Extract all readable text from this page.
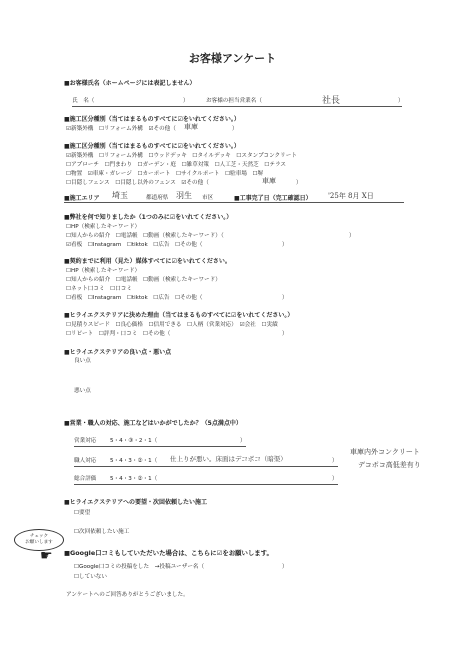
お客様アンケート
■お客様氏名（ホームページには表記しません）
氏　名（	）	お客様の担当営業名（	社長	）
■施工区分種別（当てはまるものすべてに☑をいれてください。）
☑新築外構　☐リフォーム外構　☑その他（ 車庫	）
■施工区分種別（当てはまるものすべてに☑をいれてください。）
☑新築外構　☐リフォーム外構　☐ウッドデッキ　☐タイルデッキ　☐スタンプコンクリート
☐アプローチ　☐門まわり　☐ガーデン・庭　☐雑草対策　☐人工芝・天然芝　☐テラス
☐物置　☑車庫・ガレージ　☐カーポート　☐サイクルポート　☐駐車場　☐塀
☐目隠しフェンス　☐目隠し以外のフェンス　☑その他（	車庫	）
■施工エリア 埼玉	都道府県 羽生 市区	■工事完了日（完工確認日） '25年 8月 X日
■弊社を何で知りましたか（1つのみに☑をいれてください。）
☐HP（検索したキーワード）
☐知人からの紹介　☐電話帳　☐動画（検索したキーワード）（	）
☑看板　☐Instagram　☐tiktok　☐広告　☐その他（	）
■契約までに利用（見た）媒体すべてに☑をいれてください。
☐HP（検索したキーワード）
☐知人からの紹介　☐電話帳　☐動画（検索したキーワード）
☐ネット口コミ　☐口コミ
☐看板　☐Instagram　☐tiktok　☐広告　☐その他（	）
■ヒライエクステリアに決めた理由（当てはまるものすべてに☑をいれてください。）
☐見積りスピード　☐良心価格　☐信用できる　☐人柄（営業対応）　☑会社　☐実績
☐リピート　☐評判・口コミ　☐その他（	）
■ヒライエクステリアの良い点・悪い点
良い点
悪い点
■営業・職人の対応、施工などはいかがでしたか？（5点満点中）
営業対応 5・4・③・2・1（	）
職人対応 5・4・3・②・1（ 仕上りが悪い。床面はデコボコ（暗渠）	）
総合評価 5・4・3・②・1（	）
車庫内外コンクリート
デコボコ高低差有り
■ヒライエクステリアへの要望・次回依頼したい施工
☐要望
☐次回依頼したい施工
チェック
お願いします
☛ ■Google口コミもしていただいた場合は、こちらに☑をお願いします。
☐Google口コミの投稿をした　→投稿ユーザー名（	）
☐していない
アンケートへのご回答ありがとうございました。
